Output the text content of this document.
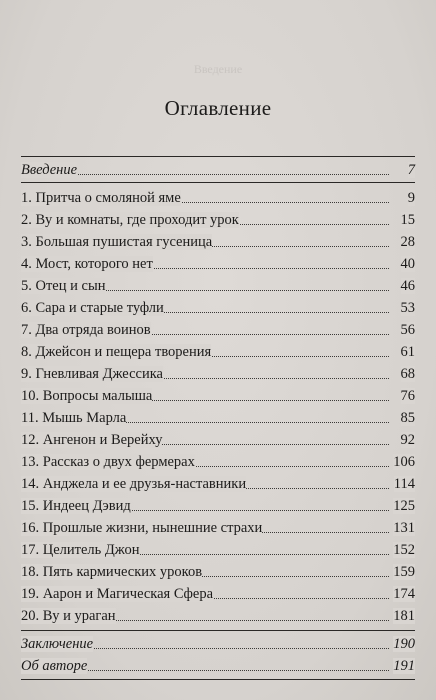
Введение
Оглавление
Введение	7
1. Притча о смоляной яме	9
2. Ву и комнаты, где проходит урок	15
3. Большая пушистая гусеница	28
4. Мост, которого нет	40
5. Отец и сын	46
6. Сара и старые туфли	53
7. Два отряда воинов	56
8. Джейсон и пещера творения	61
9. Гневливая Джессика	68
10. Вопросы малыша	76
11. Мышь Марла	85
12. Ангенон и Верейху	92
13. Рассказ о двух фермерах	106
14. Анджела и ее друзья-наставники	114
15. Индеец Дэвид	125
16. Прошлые жизни, нынешние страхи	131
17. Целитель Джон	152
18. Пять кармических уроков	159
19. Аарон и Магическая Сфера	174
20. Ву и ураган	181
Заключение	190
Об авторе	191
